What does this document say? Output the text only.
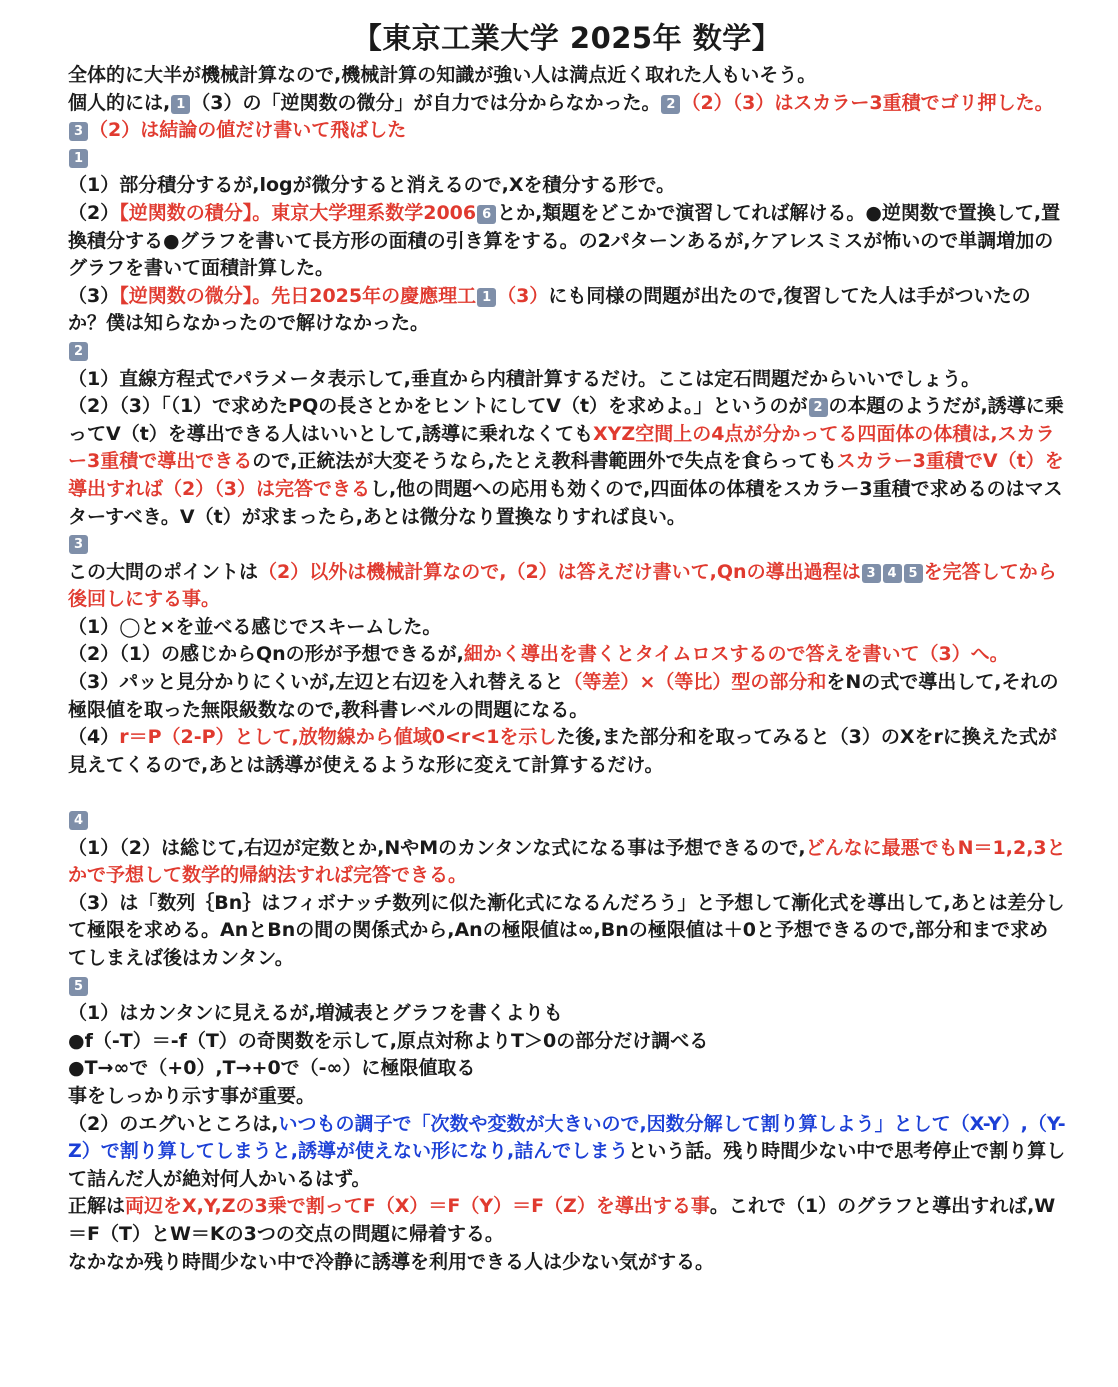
【東京工業大学 2025年 数学】

全体的に大半が機械計算なので,機械計算の知識が強い人は満点近く取れた人もいそう。

個人的には, 1 （3）の「逆関数の微分」が自力では分からなかった。 2 （2）（3）はスカラー3重積でゴリ押した。3 （2）は結論の値だけ書いて飛ばした

1

（1）部分積分するが,logが微分すると消えるので,Xを積分する形で。

（2）【逆関数の積分】。東京大学理系数学2006 6 とか,類題をどこかで演習してれば解ける。●逆関数で置換して,置換積分する●グラフを書いて長方形の面積の引き算をする。の2パターンあるが,ケアレスミスが怖いので単調増加のグラフを書いて面積計算した。

（3）【逆関数の微分】。先日2025年の慶應理工 1 （3）にも同様の問題が出たので,復習してた人は手がついたのか？僕は知らなかったので解けなかった。

2

（1）直線方程式でパラメータ表示して,垂直から内積計算するだけ。ここは定石問題だからいいでしょう。

（2）（3）「（1）で求めたPQの長さとかをヒントにしてV（t）を求めよ。」というのが 2 の本題のようだが,誘導に乗ってV（t）を導出できる人はいいとして,誘導に乗れなくてもXYZ空間上の4点が分かってる四面体の体積は,スカラー3重積で導出できるので,正統法が大変そうなら,たとえ教科書範囲外で失点を食らってもスカラー3重積でV（t）を導出すれば（2）（3）は完答できるし,他の問題への応用も効くので,四面体の体積をスカラー3重積で求めるのはマスターすべき。V（t）が求まったら,あとは微分なり置換なりすれば良い。

3

この大問のポイントは（2）以外は機械計算なので,（2）は答えだけ書いて,Qnの導出過程は 3 4 5 を完答してから後回しにする事。

（1）◯と×を並べる感じでスキームした。

（2）（1）の感じからQnの形が予想できるが,細かく導出を書くとタイムロスするので答えを書いて（3）へ。

（3）パッと見分かりにくいが,左辺と右辺を入れ替えると（等差）×（等比）型の部分和をNの式で導出して,それの極限値を取った無限級数なので,教科書レベルの問題になる。

（4）r＝P（2-P）として,放物線から値域0<r<1を示した後,また部分和を取ってみると（3）のXをrに換えた式が見えてくるので,あとは誘導が使えるような形に変えて計算するだけ。

4

（1）（2）は総じて,右辺が定数とか,NやMのカンタンな式になる事は予想できるので,どんなに最悪でもN＝1,2,3とかで予想して数学的帰納法すれば完答できる。

（3）は「数列｛Bn｝はフィボナッチ数列に似た漸化式になるんだろう」と予想して漸化式を導出して,あとは差分して極限を求める。AnとBnの間の関係式から,Anの極限値は∞,Bnの極限値は＋0と予想できるので,部分和まで求めてしまえば後はカンタン。

5

（1）はカンタンに見えるが,増減表とグラフを書くよりも

●f（-T）＝-f（T）の奇関数を示して,原点対称よりT＞0の部分だけ調べる

●T→∞で（+0）,T→+0で（-∞）に極限値取る

事をしっかり示す事が重要。

（2）のエグいところは,いつもの調子で「次数や変数が大きいので,因数分解して割り算しよう」として（X-Y）,（Y-Z）で割り算してしまうと,誘導が使えない形になり,詰んでしまうという話。残り時間少ない中で思考停止で割り算して詰んだ人が絶対何人かいるはず。

正解は両辺をX,Y,Zの3乗で割ってF（X）＝F（Y）＝F（Z）を導出する事。これで（1）のグラフと導出すれば,W＝F（T）とW＝Kの3つの交点の問題に帰着する。

なかなか残り時間少ない中で冷静に誘導を利用できる人は少ない気がする。
